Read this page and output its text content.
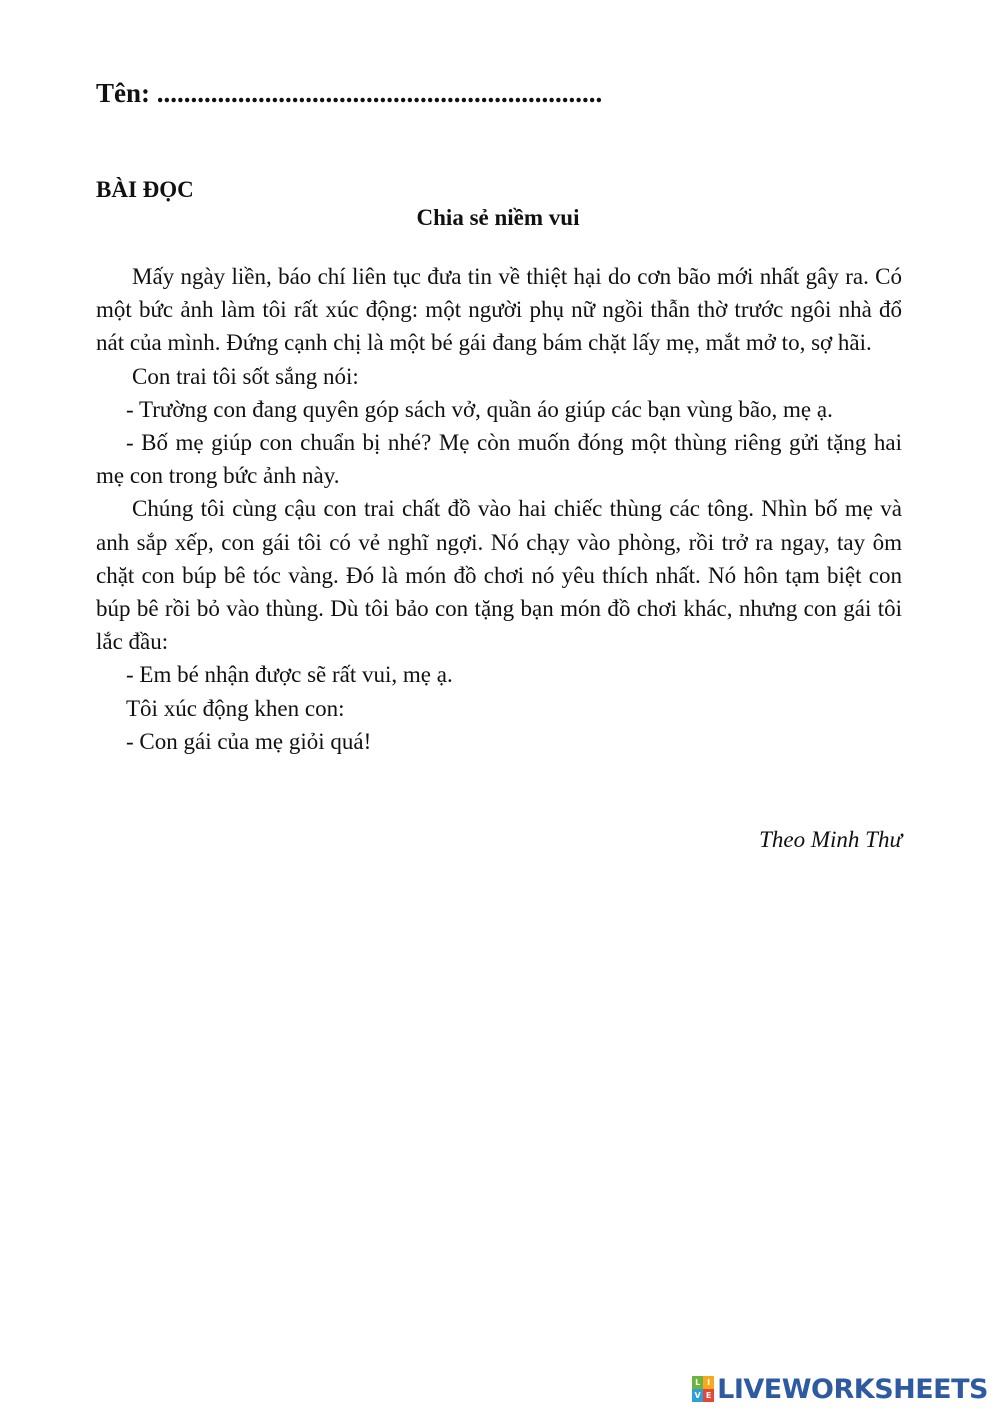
Tên: ..................................................................
BÀI ĐỌC
Chia sẻ niềm vui

Mấy ngày liền, báo chí liên tục đưa tin về thiệt hại do cơn bão mới nhất gây ra. Có một bức ảnh làm tôi rất xúc động: một người phụ nữ ngồi thẫn thờ trước ngôi nhà đổ nát của mình. Đứng cạnh chị là một bé gái đang bám chặt lấy mẹ, mắt mở to, sợ hãi.

Con trai tôi sốt sắng nói:

- Trường con đang quyên góp sách vở, quần áo giúp các bạn vùng bão, mẹ ạ.

- Bố mẹ giúp con chuẩn bị nhé? Mẹ còn muốn đóng một thùng riêng gửi tặng hai mẹ con trong bức ảnh này.

Chúng tôi cùng cậu con trai chất đồ vào hai chiếc thùng các tông. Nhìn bố mẹ và anh sắp xếp, con gái tôi có vẻ nghĩ ngợi. Nó chạy vào phòng, rồi trở ra ngay, tay ôm chặt con búp bê tóc vàng. Đó là món đồ chơi nó yêu thích nhất. Nó hôn tạm biệt con búp bê rồi bỏ vào thùng. Dù tôi bảo con tặng bạn món đồ chơi khác, nhưng con gái tôi lắc đầu:

- Em bé nhận được sẽ rất vui, mẹ ạ.

Tôi xúc động khen con:

- Con gái của mẹ giỏi quá!

Theo Minh Thư
L I
V E LIVEWORKSHEETS
